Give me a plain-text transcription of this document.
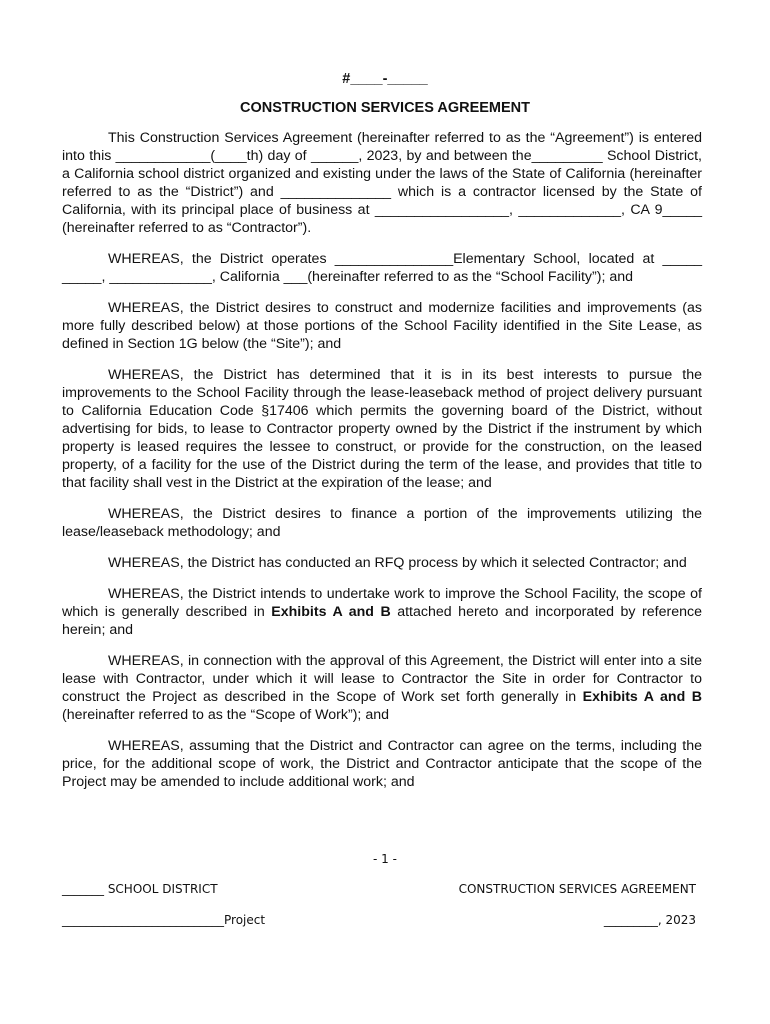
#____-_____
CONSTRUCTION SERVICES AGREEMENT

This Construction Services Agreement (hereinafter referred to as the “Agreement”) is entered into this ____________(____th) day of ______, 2023, by and between the_________ School District, a California school district organized and existing under the laws of the State of California (hereinafter referred to as the “District”) and ______________ which is a contractor licensed by the State of California, with its principal place of business at _________________, _____________, CA 9_____ (hereinafter referred to as “Contractor”).

WHEREAS, the District operates _______________Elementary School, located at _____ _____, _____________, California ___(hereinafter referred to as the “School Facility”); and

WHEREAS, the District desires to construct and modernize facilities and improvements (as more fully described below) at those portions of the School Facility identified in the Site Lease, as defined in Section 1G below (the “Site”); and

WHEREAS, the District has determined that it is in its best interests to pursue the improvements to the School Facility through the lease-leaseback method of project delivery pursuant to California Education Code §17406 which permits the governing board of the District, without advertising for bids, to lease to Contractor property owned by the District if the instrument by which property is leased requires the lessee to construct, or provide for the construction, on the leased property, of a facility for the use of the District during the term of the lease, and provides that title to that facility shall vest in the District at the expiration of the lease; and

WHEREAS, the District desires to finance a portion of the improvements utilizing the lease/leaseback methodology; and

WHEREAS, the District has conducted an RFQ process by which it selected Contractor; and

WHEREAS, the District intends to undertake work to improve the School Facility, the scope of which is generally described in Exhibits A and B attached hereto and incorporated by reference herein; and

WHEREAS, in connection with the approval of this Agreement, the District will enter into a site lease with Contractor, under which it will lease to Contractor the Site in order for Contractor to construct the Project as described in the Scope of Work set forth generally in Exhibits A and B (hereinafter referred to as the “Scope of Work”); and

WHEREAS, assuming that the District and Contractor can agree on the terms, including the price, for the additional scope of work, the District and Contractor anticipate that the scope of the Project may be amended to include additional work; and

- 1 -
_______ SCHOOL DISTRICT	CONSTRUCTION SERVICES AGREEMENT
___________________________Project	_________, 2023
